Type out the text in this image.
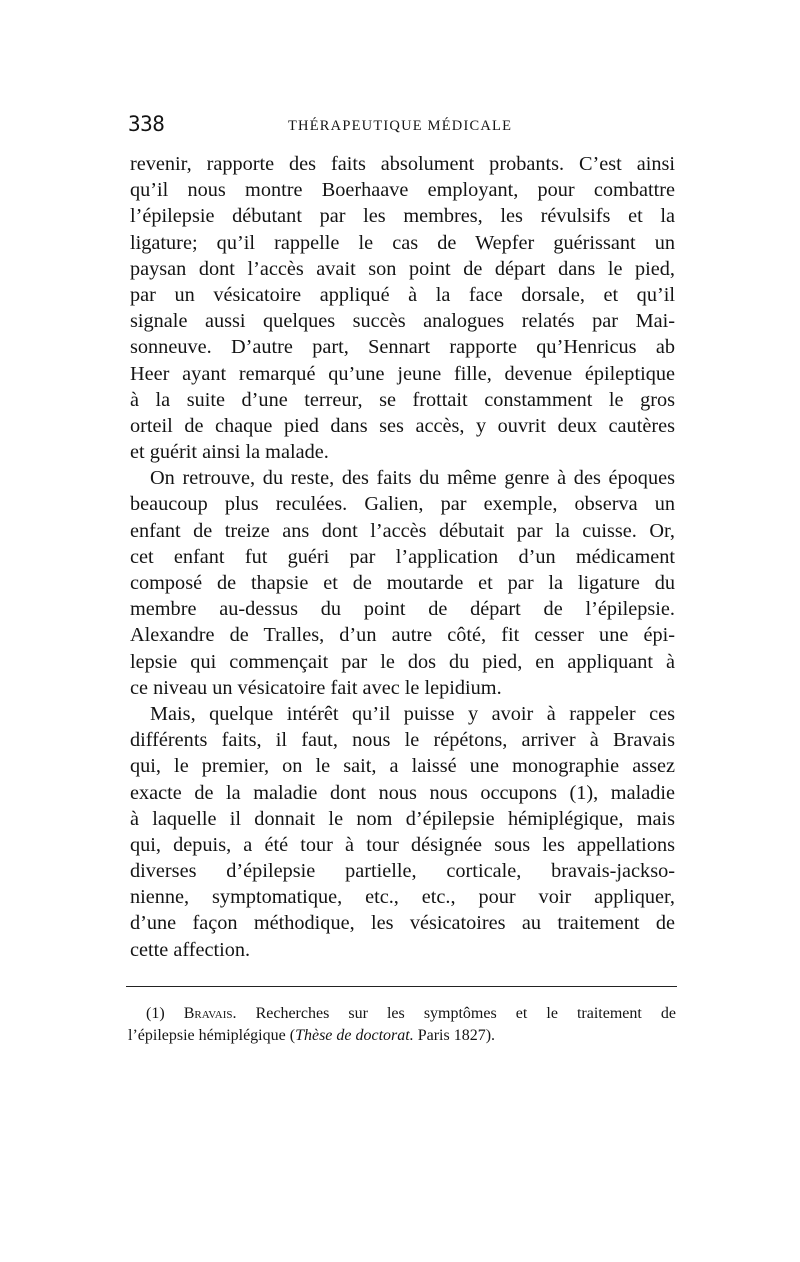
338	THÉRAPEUTIQUE MÉDICALE
revenir, rapporte des faits absolument probants. C’est ainsi
qu’il nous montre Boerhaave employant, pour combattre
l’épilepsie débutant par les membres, les révulsifs et la
ligature; qu’il rappelle le cas de Wepfer guérissant un
paysan dont l’accès avait son point de départ dans le pied,
par un vésicatoire appliqué à la face dorsale, et qu’il
signale aussi quelques succès analogues relatés par Mai-
sonneuve. D’autre part, Sennart rapporte qu’Henricus ab
Heer ayant remarqué qu’une jeune fille, devenue épileptique
à la suite d’une terreur, se frottait constamment le gros
orteil de chaque pied dans ses accès, y ouvrit deux cautères
et guérit ainsi la malade.
On retrouve, du reste, des faits du même genre à des époques
beaucoup plus reculées. Galien, par exemple, observa un
enfant de treize ans dont l’accès débutait par la cuisse. Or,
cet enfant fut guéri par l’application d’un médicament
composé de thapsie et de moutarde et par la ligature du
membre au-dessus du point de départ de l’épilepsie.
Alexandre de Tralles, d’un autre côté, fit cesser une épi-
lepsie qui commençait par le dos du pied, en appliquant à
ce niveau un vésicatoire fait avec le lepidium.
Mais, quelque intérêt qu’il puisse y avoir à rappeler ces
différents faits, il faut, nous le répétons, arriver à Bravais
qui, le premier, on le sait, a laissé une monographie assez
exacte de la maladie dont nous nous occupons (1), maladie
à laquelle il donnait le nom d’épilepsie hémiplégique, mais
qui, depuis, a été tour à tour désignée sous les appellations
diverses d’épilepsie partielle, corticale, bravais-jackso-
nienne, symptomatique, etc., etc., pour voir appliquer,
d’une façon méthodique, les vésicatoires au traitement de
cette affection.
(1) Bravais. Recherches sur les symptômes et le traitement de
l’épilepsie hémiplégique (Thèse de doctorat. Paris 1827).
